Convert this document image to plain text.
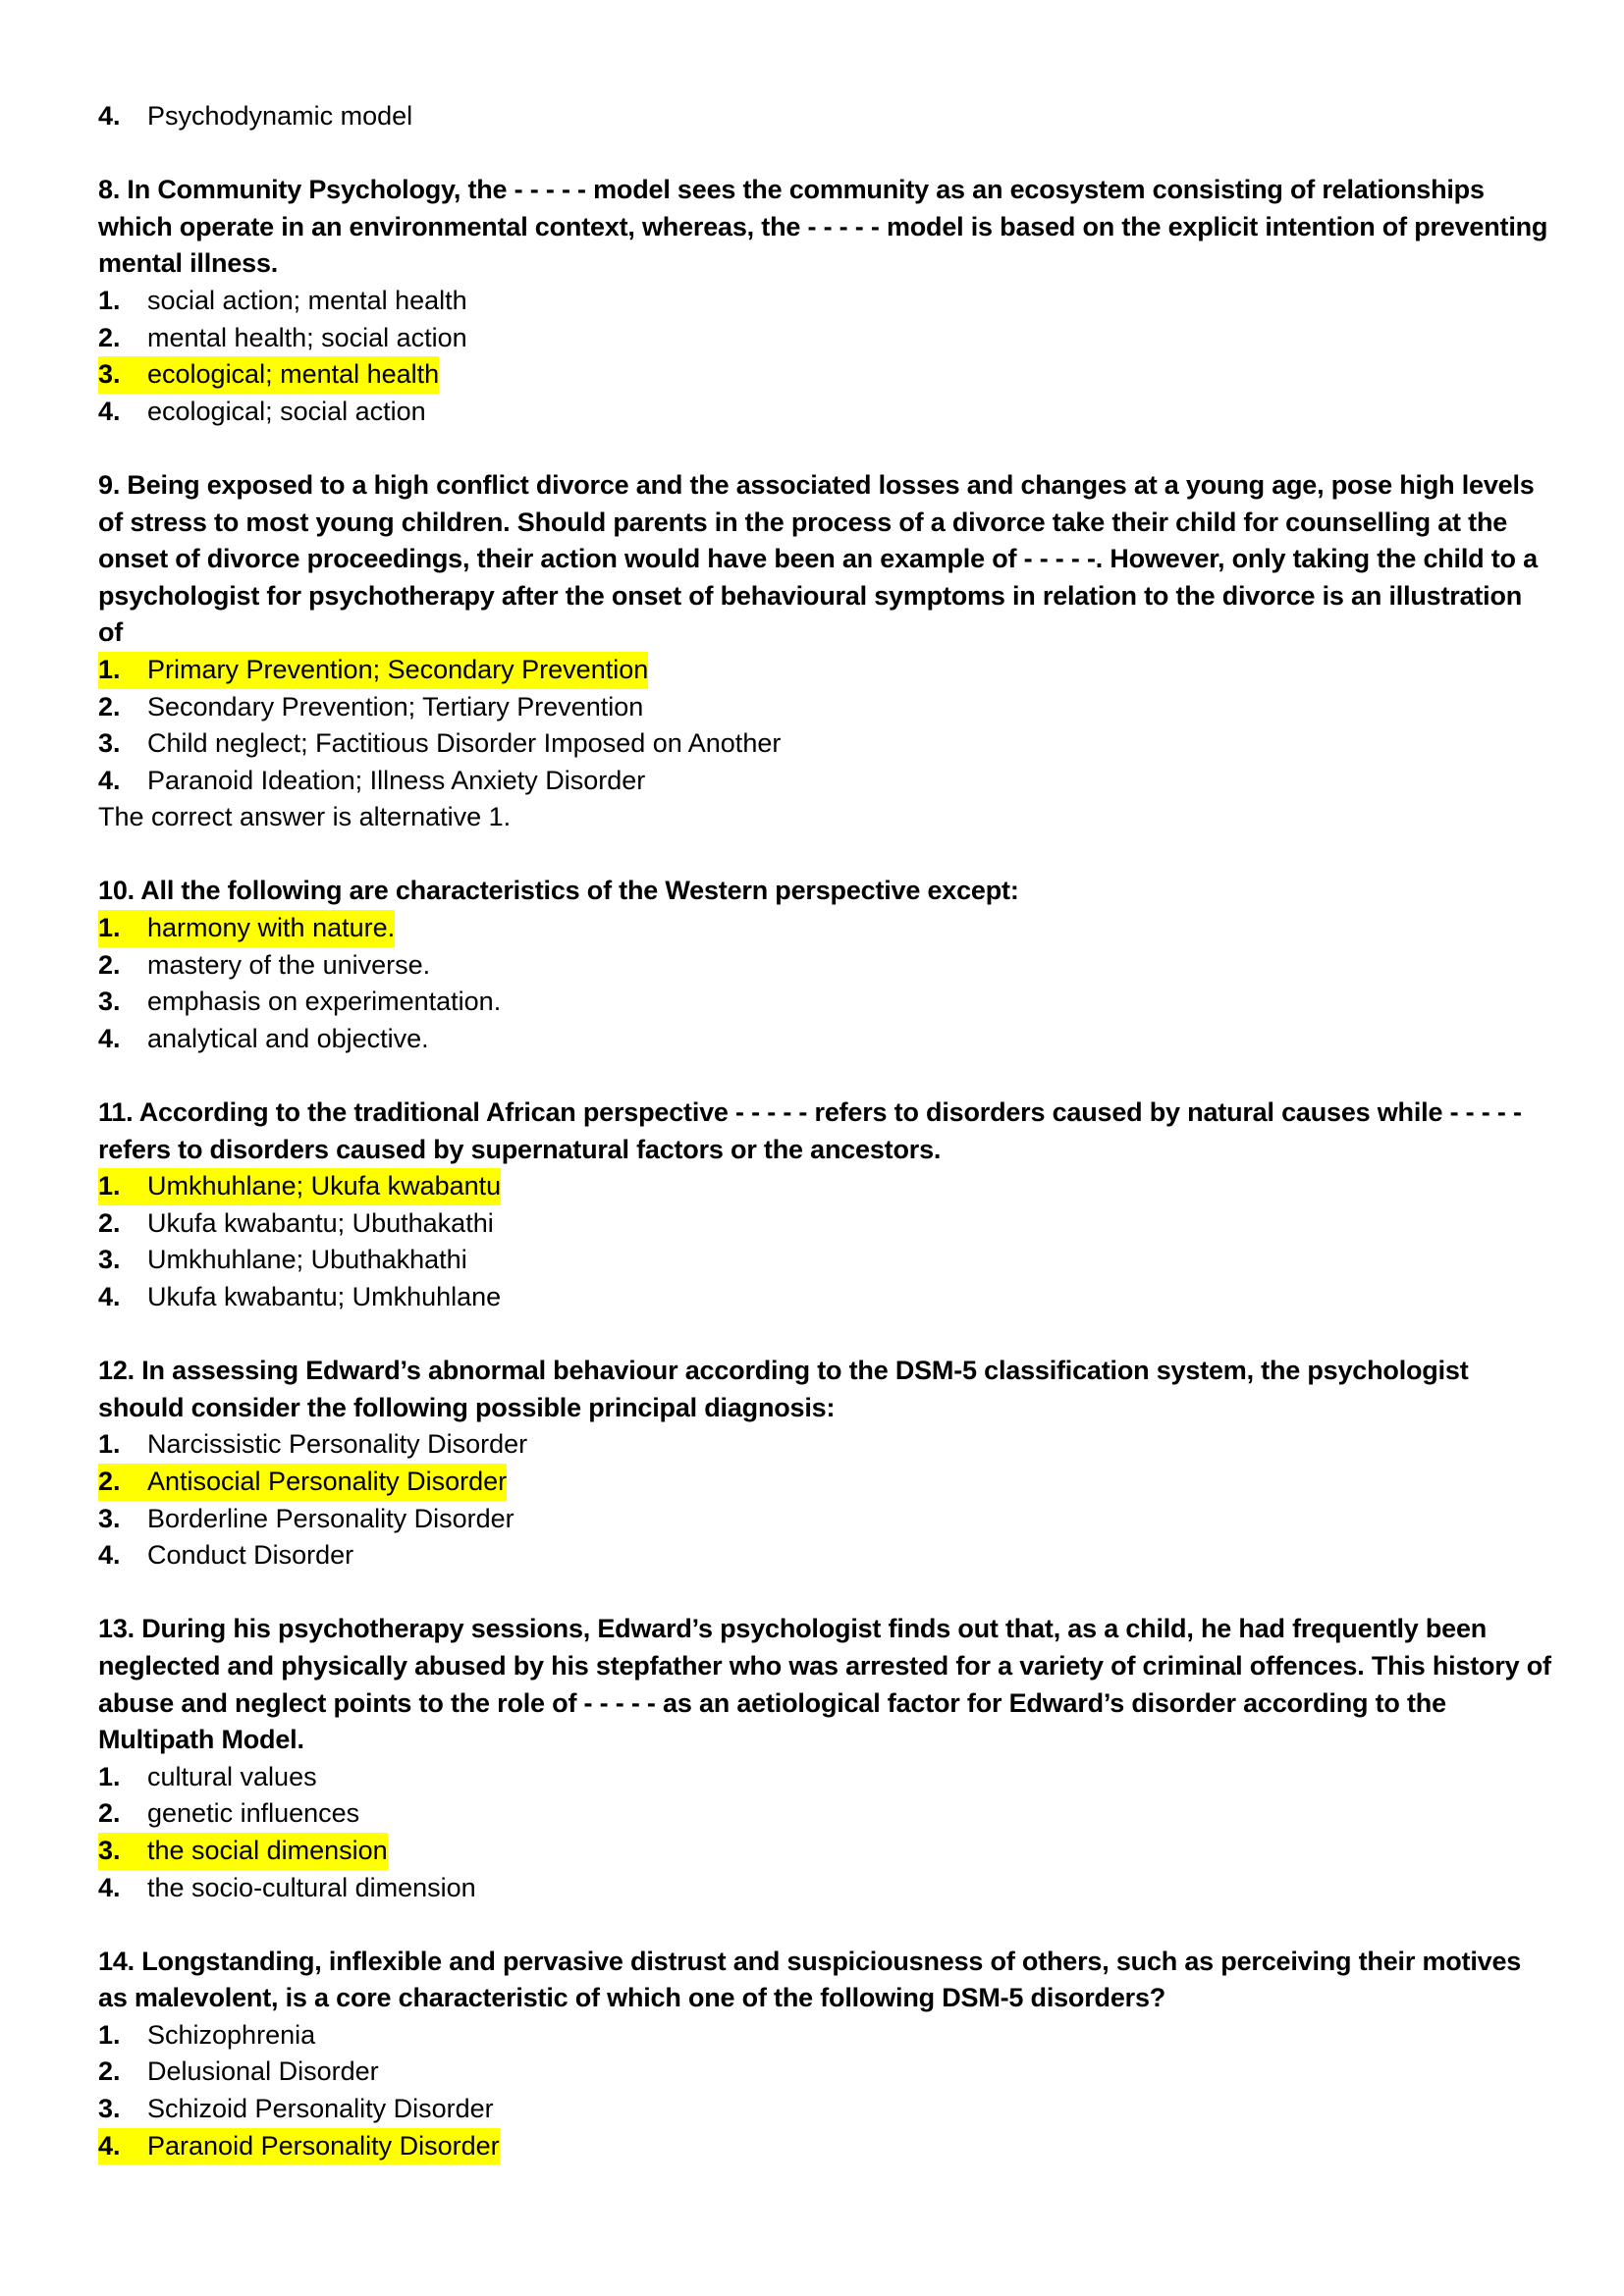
4. Psychodynamic model

8. In Community Psychology, the - - - - - model sees the community as an ecosystem consisting of relationships which operate in an environmental context, whereas, the - - - - - model is based on the explicit intention of preventing mental illness.

1. social action; mental health

2. mental health; social action

3. ecological; mental health

4. ecological; social action

9. Being exposed to a high conflict divorce and the associated losses and changes at a young age, pose high levels of stress to most young children. Should parents in the process of a divorce take their child for counselling at the onset of divorce proceedings, their action would have been an example of - - - - -. However, only taking the child to a psychologist for psychotherapy after the onset of behavioural symptoms in relation to the divorce is an illustration of

1. Primary Prevention; Secondary Prevention

2. Secondary Prevention; Tertiary Prevention

3. Child neglect; Factitious Disorder Imposed on Another

4. Paranoid Ideation; Illness Anxiety Disorder

The correct answer is alternative 1.

10. All the following are characteristics of the Western perspective except:

1. harmony with nature.

2. mastery of the universe.

3. emphasis on experimentation.

4. analytical and objective.

11. According to the traditional African perspective - - - - - refers to disorders caused by natural causes while - - - - - refers to disorders caused by supernatural factors or the ancestors.

1. Umkhuhlane; Ukufa kwabantu

2. Ukufa kwabantu; Ubuthakathi

3. Umkhuhlane; Ubuthakhathi

4. Ukufa kwabantu; Umkhuhlane

12. In assessing Edward’s abnormal behaviour according to the DSM-5 classification system, the psychologist should consider the following possible principal diagnosis:

1. Narcissistic Personality Disorder

2. Antisocial Personality Disorder

3. Borderline Personality Disorder

4. Conduct Disorder

13. During his psychotherapy sessions, Edward’s psychologist finds out that, as a child, he had frequently been neglected and physically abused by his stepfather who was arrested for a variety of criminal offences. This history of abuse and neglect points to the role of - - - - - as an aetiological factor for Edward’s disorder according to the Multipath Model.

1. cultural values

2. genetic influences

3. the social dimension

4. the socio-cultural dimension

14. Longstanding, inflexible and pervasive distrust and suspiciousness of others, such as perceiving their motives as malevolent, is a core characteristic of which one of the following DSM-5 disorders?

1. Schizophrenia

2. Delusional Disorder

3. Schizoid Personality Disorder

4. Paranoid Personality Disorder
